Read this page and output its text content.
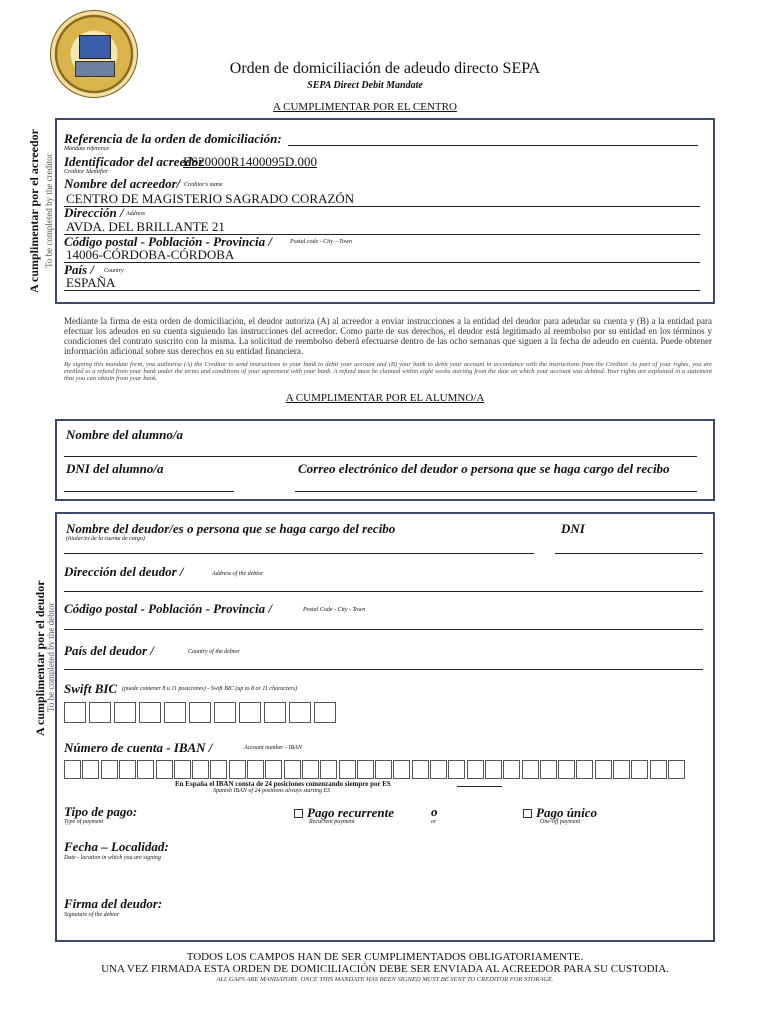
Orden de domiciliación de adeudo directo SEPA
SEPA Direct Debit Mandate
A CUMPLIMENTAR POR EL CENTRO
A cumplimentar por el acreedor To be completed by the creditor
Referencia de la orden de domiciliación:
Mandate reference
Identificador del acreedor
ES20000R1400095D.000
Creditor Identifier
Nombre del acreedor/ Creditor's name
CENTRO DE MAGISTERIO SAGRADO CORAZÓN
Dirección / Address
AVDA. DEL BRILLANTE 21
Código postal - Población - Provincia /	Postal code - City – Town
14006-CÓRDOBA-CÓRDOBA
País / Country
ESPAÑA
Mediante la firma de esta orden de domiciliación, el deudor autoriza (A) al acreedor a enviar instrucciones a la entidad del deudor para adeudar su cuenta y (B) a la entidad para efectuar los adeudos en su cuenta siguiendo las instrucciones del acreedor. Como parte de sus derechos, el deudor está legitimado al reembolso por su entidad en los términos y condiciones del contrato suscrito con la misma. La solicitud de reembolso deberá efectuarse dentro de las ocho semanas que siguen a la fecha de adeudo en cuenta. Puede obtener información adicional sobre sus derechos en su entidad financiera.
By signing this mandate form, you authorise (A) the Creditor to send instructions to your bank to debit your account and (B) your bank to debit your account in accordance with the instructions from the Creditor. As part of your rights, you are entitled to a refund from your bank under the terms and conditions of your agreement with your bank. A refund must be claimed within eight weeks starting from the date on which your account was debited. Your rights are explained in a statement that you can obtain from your bank.
A CUMPLIMENTAR POR EL ALUMNO/A
Nombre del alumno/a
DNI del alumno/a	Correo electrónico del deudor o persona que se haga cargo del recibo
A cumplimentar por el deudor To be completed by the debtor
Nombre del deudor/es o persona que se haga cargo del recibo
(titular/es de la cuenta de cargo)
DNI
Dirección del deudor /	Address of the debtor
Código postal - Población - Provincia /	Postal Code - City - Town
País del deudor /	Country of the debtor
Swift BIC (puede contener 8 u 11 posiciones) - Swift BIC (up to 8 or 11 characters)
Número de cuenta - IBAN /	Account number - IBAN
En España el IBAN consta de 24 posiciones comenzando siempre por ES
Spanish IBAN of 24 positions always starting ES
Tipo de pago:
Type of payment
Pago recurrente
Recurrent payment
o
or
Pago único
One-off payment
Fecha – Localidad:
Date - location in which you are signing
Firma del deudor:
Signature of the debtor
TODOS LOS CAMPOS HAN DE SER CUMPLIMENTADOS OBLIGATORIAMENTE.
UNA VEZ FIRMADA ESTA ORDEN DE DOMICILIACIÓN DEBE SER ENVIADA AL ACREEDOR PARA SU CUSTODIA.
ALL GAPS ARE MANDATORY. ONCE THIS MANDATE HAS BEEN SIGNED MUST BE SENT TO CREDITOR FOR STORAGE.
